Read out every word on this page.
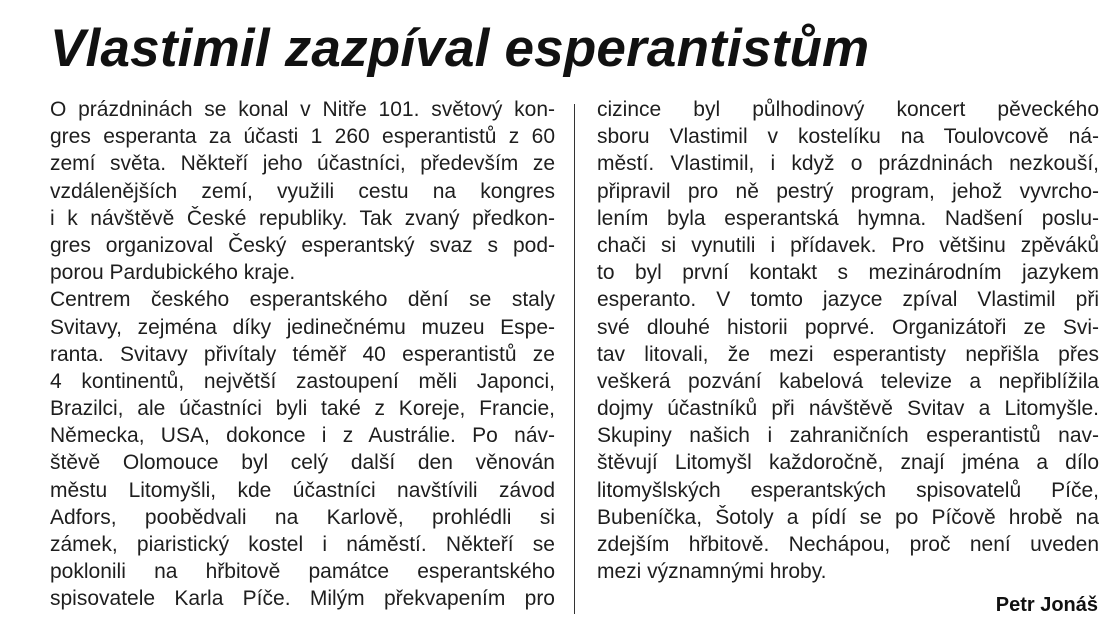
Vlastimil zazpíval esperantistům
O prázdninách se konal v Nitře 101. světový kon-
gres esperanta za účasti 1 260 esperantistů z 60
zemí světa. Někteří jeho účastníci, především ze
vzdálenějších zemí, využili cestu na kongres
i k návštěvě České republiky. Tak zvaný předkon-
gres organizoval Český esperantský svaz s pod-
porou Pardubického kraje.
Centrem českého esperantského dění se staly
Svitavy, zejména díky jedinečnému muzeu Espe-
ranta. Svitavy přivítaly téměř 40 esperantistů ze
4 kontinentů, největší zastoupení měli Japonci,
Brazilci, ale účastníci byli také z Koreje, Francie,
Německa, USA, dokonce i z Austrálie. Po náv-
štěvě Olomouce byl celý další den věnován
městu Litomyšli, kde účastníci navštívili závod
Adfors, poobědvali na Karlově, prohlédli si
zámek, piaristický kostel i náměstí. Někteří se
poklonili na hřbitově památce esperantského
spisovatele Karla Píče. Milým překvapením pro
cizince byl půlhodinový koncert pěveckého
sboru Vlastimil v kostelíku na Toulovcově ná-
městí. Vlastimil, i když o prázdninách nezkouší,
připravil pro ně pestrý program, jehož vyvrcho-
lením byla esperantská hymna. Nadšení poslu-
chači si vynutili i přídavek. Pro většinu zpěváků
to byl první kontakt s mezinárodním jazykem
esperanto. V tomto jazyce zpíval Vlastimil při
své dlouhé historii poprvé. Organizátoři ze Svi-
tav litovali, že mezi esperantisty nepřišla přes
veškerá pozvání kabelová televize a nepřiblížila
dojmy účastníků při návštěvě Svitav a Litomyšle.
Skupiny našich i zahraničních esperantistů nav-
štěvují Litomyšl každoročně, znají jména a dílo
litomyšlských esperantských spisovatelů Píče,
Bubeníčka, Šotoly a pídí se po Píčově hrobě na
zdejším hřbitově. Nechápou, proč není uveden
mezi významnými hroby.
Petr Jonáš
